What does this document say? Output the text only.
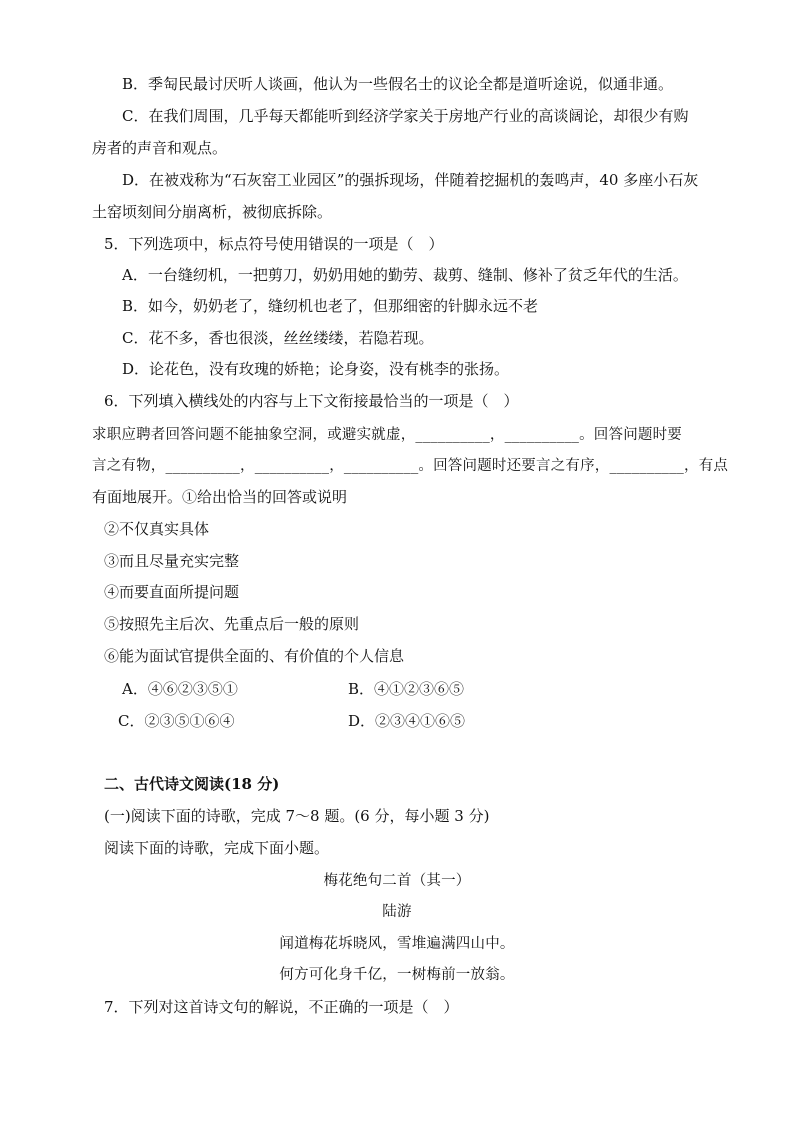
B．季匋民最讨厌听人谈画，他认为一些假名士的议论全都是道听途说，似通非通。
C．在我们周围，几乎每天都能听到经济学家关于房地产行业的高谈阔论，却很少有购
房者的声音和观点。
D．在被戏称为“石灰窑工业园区”的强拆现场，伴随着挖掘机的轰鸣声，40 多座小石灰
土窑顷刻间分崩离析，被彻底拆除。
5．下列选项中，标点符号使用错误的一项是（　）
A．一台缝纫机，一把剪刀，奶奶用她的勤劳、裁剪、缝制、修补了贫乏年代的生活。
B．如今，奶奶老了，缝纫机也老了，但那细密的针脚永远不老
C．花不多，香也很淡，丝丝缕缕，若隐若现。
D．论花色，没有玫瑰的娇艳；论身姿，没有桃李的张扬。
6．下列填入横线处的内容与上下文衔接最恰当的一项是（　）
求职应聘者回答问题不能抽象空洞，或避实就虚，__________，__________。回答问题时要
言之有物，__________，__________，__________。回答问题时还要言之有序，__________，有点
有面地展开。①给出恰当的回答或说明
②不仅真实具体
③而且尽量充实完整
④而要直面所提问题
⑤按照先主后次、先重点后一般的原则
⑥能为面试官提供全面的、有价值的个人信息
A．④⑥②③⑤①	B．④①②③⑥⑤
C．②③⑤①⑥④	D．②③④①⑥⑤
二、古代诗文阅读(18 分)
(一)阅读下面的诗歌，完成 7～8 题。(6 分，每小题 3 分)
阅读下面的诗歌，完成下面小题。
梅花绝句二首（其一）
陆游
闻道梅花坼晓风，雪堆遍满四山中。
何方可化身千亿，一树梅前一放翁。
7．下列对这首诗文句的解说，不正确的一项是（　）
